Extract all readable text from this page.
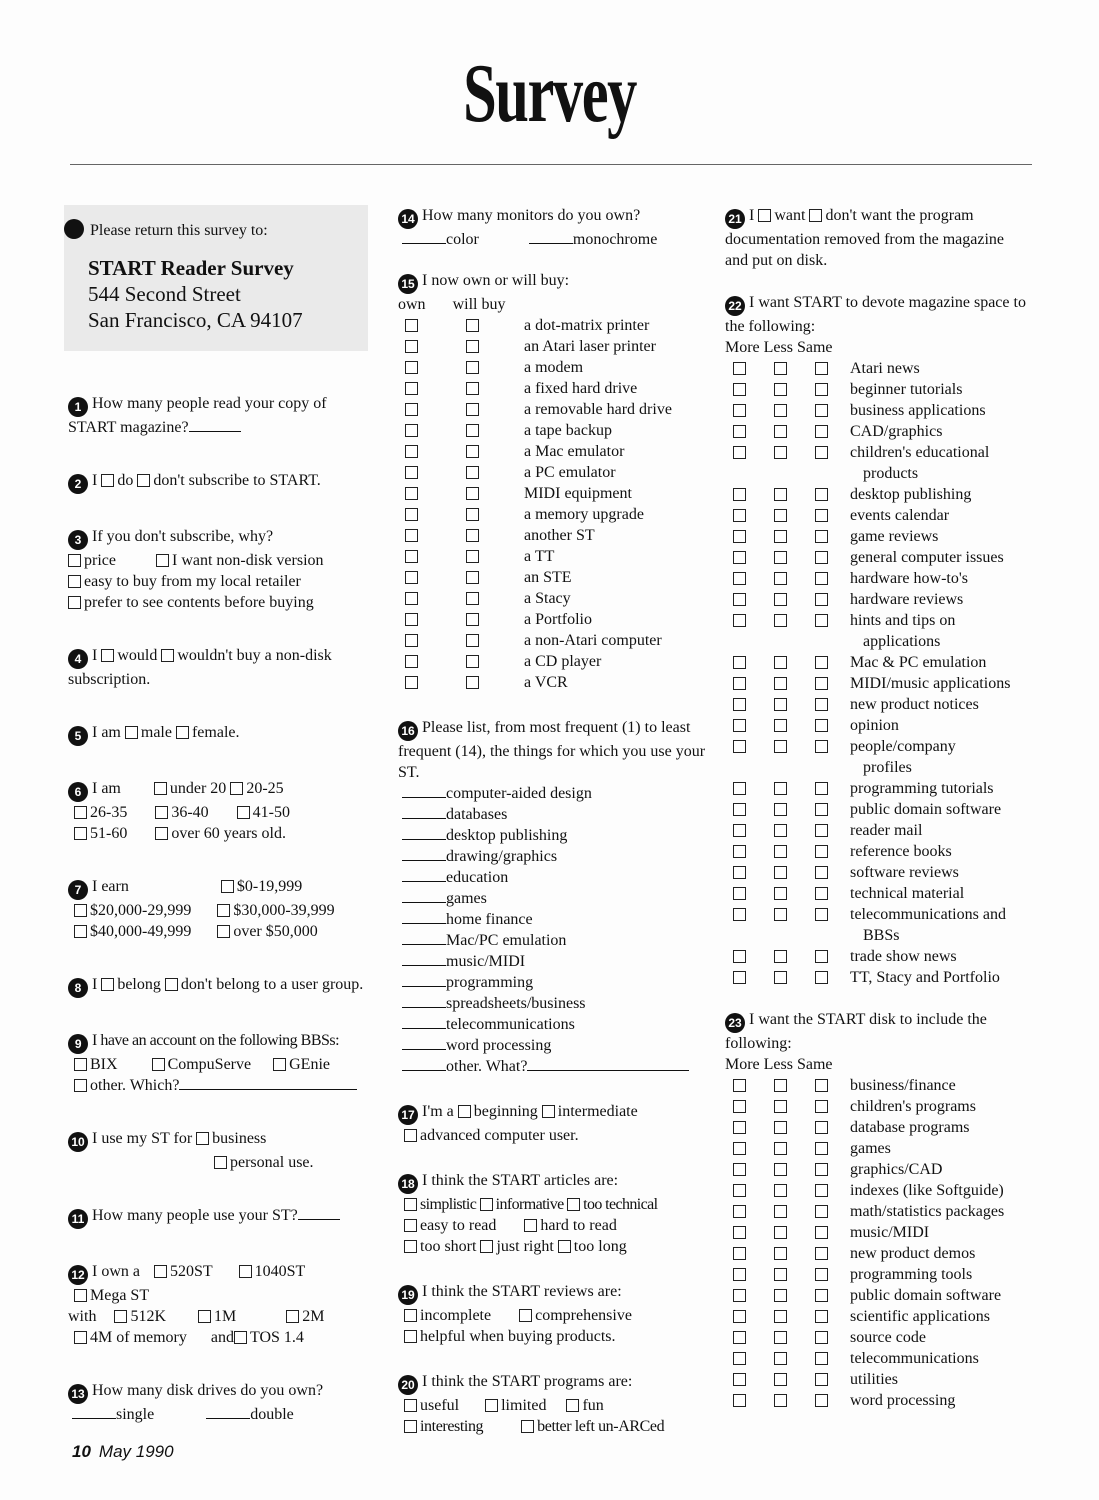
Survey
Please return this survey to:
START Reader Survey
544 Second Street
San Francisco, CA 94107
1 How many people read your copy of START magazine?
2 I do don't subscribe to START.
3 If you don't subscribe, why?
price	I want non-disk version
easy to buy from my local retailer
prefer to see contents before buying
4 I would wouldn't buy a non-disk subscription.
5 I am male female.
6 I am	under 20 20-25
26-35	36-40	41-50
51-60	over 60 years old.
7 I earn	$0-19,999
$20,000-29,999	$30,000-39,999
$40,000-49,999	over $50,000
8 I belong don't belong to a user group.
9 I have an account on the following BBSs:
BIX	CompuServe GEnie
other. Which?
10 I use my ST for business
personal use.
11 How many people use your ST?
12 I own a 520ST	1040ST
Mega ST
with 512K	1M	2M
4M of memory and TOS 1.4
13 How many disk drives do you own?
single	double
14 How many monitors do you own?
color	monochrome
15 I now own or will buy:
own will buy
a dot-matrix printer
an Atari laser printer
a modem
a fixed hard drive
a removable hard drive
a tape backup
a Mac emulator
a PC emulator
MIDI equipment
a memory upgrade
another ST
a TT
an STE
a Stacy
a Portfolio
a non-Atari computer
a CD player
a VCR
16 Please list, from most frequent (1) to least frequent (14), the things for which you use your ST.
computer-aided design
databases
desktop publishing
drawing/graphics
education
games
home finance
Mac/PC emulation
music/MIDI
programming
spreadsheets/business
telecommunications
word processing
other. What?
17 I'm a beginning intermediate
advanced computer user.
18 I think the START articles are:
simplistic informative too technical
easy to read	hard to read
too short just right too long
19 I think the START reviews are:
incomplete	comprehensive
helpful when buying products.
20 I think the START programs are:
useful	limited fun
interesting	better left un-ARCed
21 I want don't want the program
documentation removed from the magazine and put on disk.
22 I want START to devote magazine space to the following:
More Less Same
Atari news
beginner tutorials
business applications
CAD/graphics
children's educational
products
desktop publishing
events calendar
game reviews
general computer issues
hardware how-to's
hardware reviews
hints and tips on
applications
Mac & PC emulation
MIDI/music applications
new product notices
opinion
people/company
profiles
programming tutorials
public domain software
reader mail
reference books
software reviews
technical material
telecommunications and
BBSs
trade show news
TT, Stacy and Portfolio
23 I want the START disk to include the following:
More Less Same
business/finance
children's programs
database programs
games
graphics/CAD
indexes (like Softguide)
math/statistics packages
music/MIDI
new product demos
programming tools
public domain software
scientific applications
source code
telecommunications
utilities
word processing
10 May 1990
